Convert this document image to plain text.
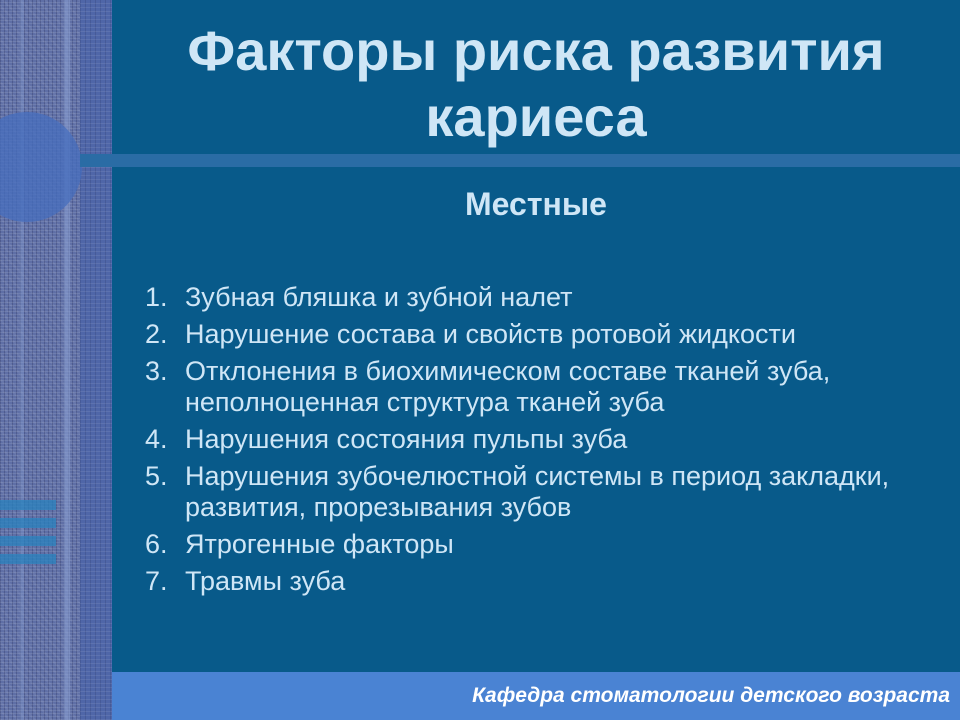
Факторы риска развития кариеса
Местные
1. Зубная бляшка и зубной налет
2. Нарушение состава и свойств ротовой жидкости
3. Отклонения в биохимическом составе тканей зуба, неполноценная структура тканей зуба
4. Нарушения состояния пульпы зуба
5. Нарушения зубочелюстной системы в период закладки, развития, прорезывания зубов
6. Ятрогенные факторы
7. Травмы зуба
Кафедра стоматологии детского возраста
